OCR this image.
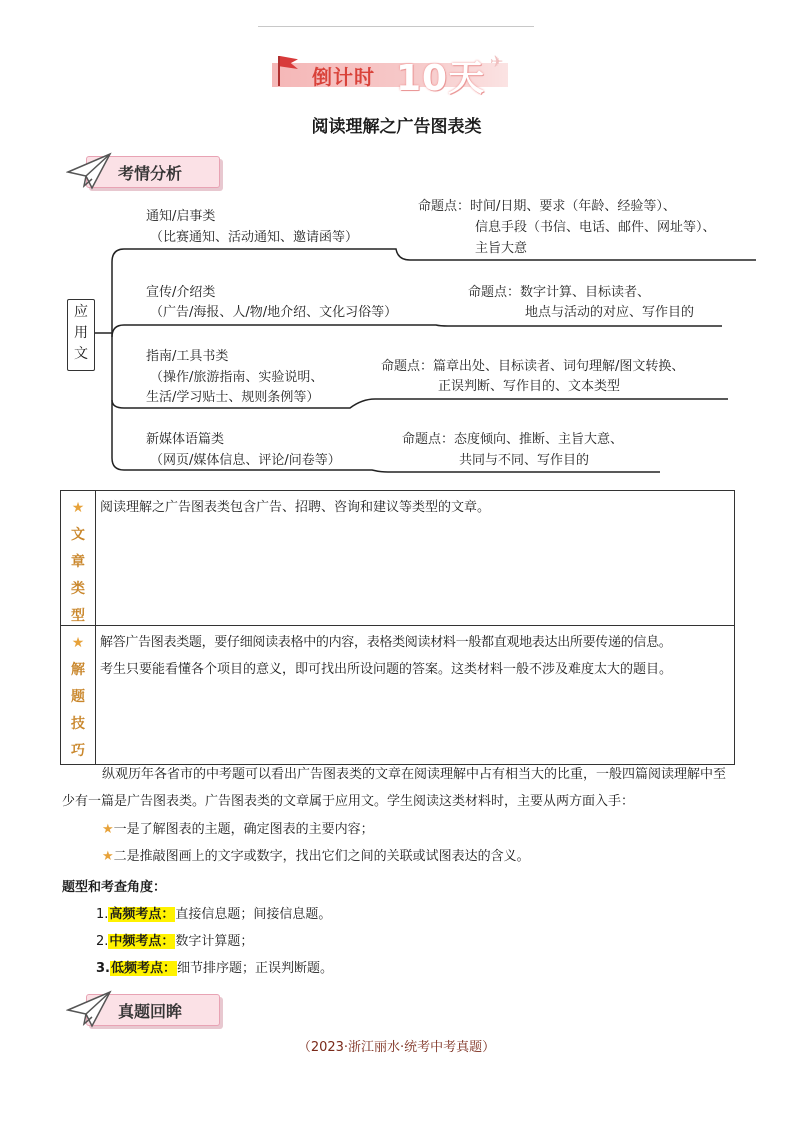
倒计时 10天 ✈
阅读理解之广告图表类
考情分析
应
用
文
通知/启事类
（比赛通知、活动通知、邀请函等）
命题点：时间/日期、要求（年龄、经验等）、
信息手段（书信、电话、邮件、网址等）、
主旨大意
宣传/介绍类
（广告/海报、人/物/地介绍、文化习俗等）
命题点：数字计算、目标读者、
地点与活动的对应、写作目的
指南/工具书类
（操作/旅游指南、实验说明、
生活/学习贴士、规则条例等）
命题点：篇章出处、目标读者、词句理解/图文转换、
正误判断、写作目的、文本类型
新媒体语篇类
（网页/媒体信息、评论/问卷等）
命题点：态度倾向、推断、主旨大意、
共同与不同、写作目的
★
文
章
类
型
阅读理解之广告图表类包含广告、招聘、咨询和建议等类型的文章。
★
解
题
技
巧
解答广告图表类题，要仔细阅读表格中的内容，表格类阅读材料一般都直观地表达出所要传递的信息。
考生只要能看懂各个项目的意义，即可找出所设问题的答案。这类材料一般不涉及难度太大的题目。
纵观历年各省市的中考题可以看出广告图表类的文章在阅读理解中占有相当大的比重，一般四篇阅读理解中至少有一篇是广告图表类。广告图表类的文章属于应用文。学生阅读这类材料时，主要从两方面入手：
★一是了解图表的主题，确定图表的主要内容；
★二是推敲图画上的文字或数字，找出它们之间的关联或试图表达的含义。
题型和考查角度：
1.高频考点：直接信息题；间接信息题。
2.中频考点：数字计算题；
3.低频考点：细节排序题；正误判断题。
真题回眸
（2023·浙江丽水·统考中考真题）
